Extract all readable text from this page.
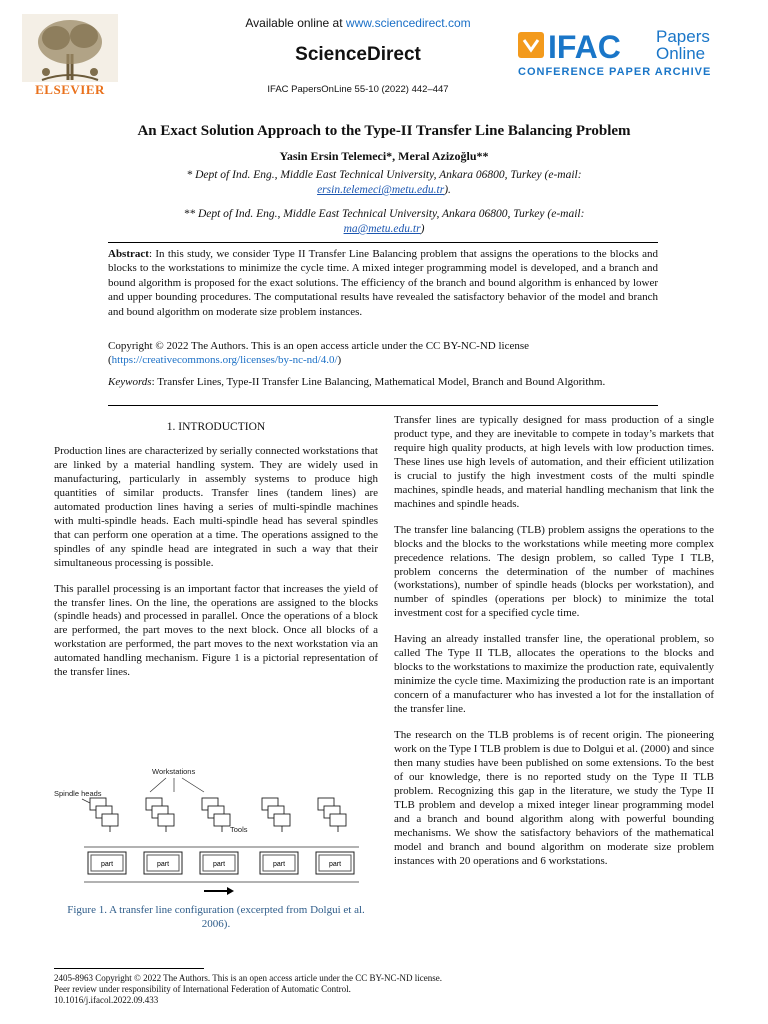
ELSEVIER
Available online at www.sciencedirect.com
ScienceDirect
IFAC PapersOnLine 55-10 (2022) 442–447
IFAC Papers
Online
CONFERENCE PAPER ARCHIVE
An Exact Solution Approach to the Type-II Transfer Line Balancing Problem
Yasin Ersin Telemeci*, Meral Azizoğlu**
* Dept of Ind. Eng., Middle East Technical University, Ankara 06800, Turkey (e-mail:
ersin.telemeci@metu.edu.tr).
** Dept of Ind. Eng., Middle East Technical University, Ankara 06800, Turkey (e-mail:
ma@metu.edu.tr)
Abstract: In this study, we consider Type II Transfer Line Balancing problem that assigns the operations to the blocks and blocks to the workstations to minimize the cycle time. A mixed integer programming model is developed, and a branch and bound algorithm is proposed for the exact solutions. The efficiency of the branch and bound algorithm is enhanced by lower and upper bounding procedures. The computational results have revealed the satisfactory behavior of the model and branch and bound algorithm on moderate size problem instances.
Copyright © 2022 The Authors. This is an open access article under the CC BY-NC-ND license
(https://creativecommons.org/licenses/by-nc-nd/4.0/)
Keywords: Transfer Lines, Type-II Transfer Line Balancing, Mathematical Model, Branch and Bound Algorithm.
1. INTRODUCTION

Production lines are characterized by serially connected workstations that are linked by a material handling system. They are widely used in manufacturing, particularly in assembly systems to produce high quantities of similar products. Transfer lines (tandem lines) are automated production lines having a series of multi-spindle machines with multi-spindle heads. Each multi-spindle head has several spindles that can perform one operation at a time. The operations assigned to the spindles of any spindle head are integrated in such a way that their simultaneous processing is possible.

This parallel processing is an important factor that increases the yield of the transfer lines. On the line, the operations are assigned to the blocks (spindle heads) and processed in parallel. Once the operations of a block are performed, the part moves to the next block. Once all blocks of a workstation are performed, the part moves to the next workstation via an automated handling mechanism. Figure 1 is a pictorial representation of the transfer lines.

Workstations
Spindle heads
Tools
part	part	part	part	part
Figure 1. A transfer line configuration (excerpted from Dolgui et al. 2006).

Transfer lines are typically designed for mass production of a single product type, and they are inevitable to compete in today’s markets that require high quality products, at high levels with low production times. These lines use high levels of automation, and their efficient utilization is crucial to justify the high investment costs of the multi spindle machines, spindle heads, and material handling mechanism that link the machines and spindle heads.

The transfer line balancing (TLB) problem assigns the operations to the blocks and the blocks to the workstations while meeting more complex precedence relations. The design problem, so called Type I TLB, problem concerns the determination of the number of machines (workstations), number of spindle heads (blocks per workstation), and number of spindles (operations per block) to minimize the total investment cost for a specified cycle time.

Having an already installed transfer line, the operational problem, so called The Type II TLB, allocates the operations to the blocks and blocks to the workstations to maximize the production rate, equivalently minimize the cycle time. Maximizing the production rate is an important concern of a manufacturer who has invested a lot for the installation of the transfer line.

The research on the TLB problems is of recent origin. The pioneering work on the Type I TLB problem is due to Dolgui et al. (2000) and since then many studies have been published on some extensions. To the best of our knowledge, there is no reported study on the Type II TLB problem. Recognizing this gap in the literature, we study the Type II TLB problem and develop a mixed integer linear programming model and a branch and bound algorithm along with powerful bounding mechanisms. We show the satisfactory behaviors of the mathematical model and branch and bound algorithm on moderate size problem instances with 20 operations and 6 workstations.

2405-8963 Copyright © 2022 The Authors. This is an open access article under the CC BY-NC-ND license.
Peer review under responsibility of International Federation of Automatic Control.
10.1016/j.ifacol.2022.09.433
